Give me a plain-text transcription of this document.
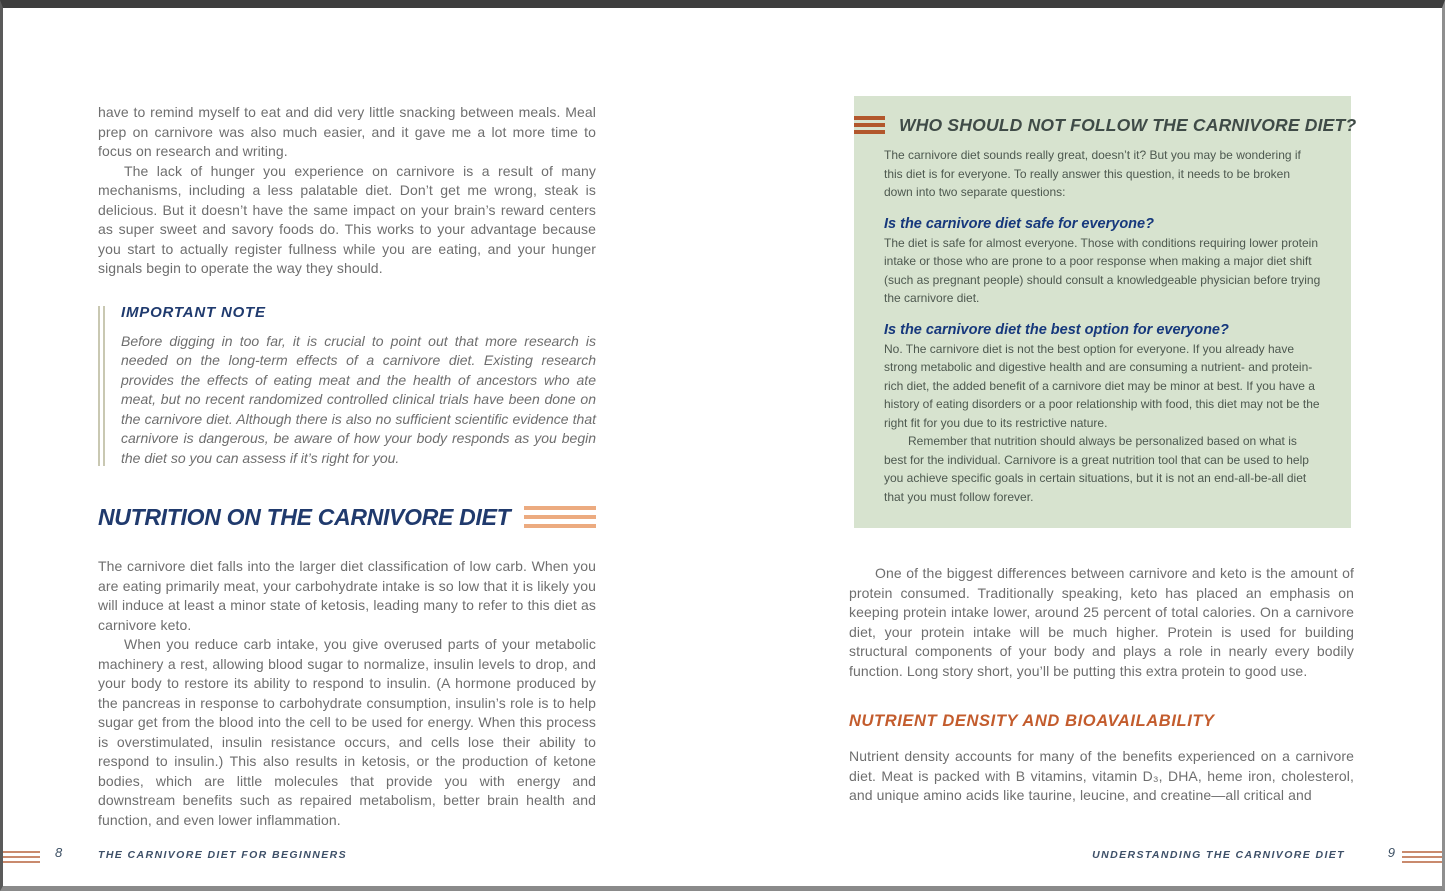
have to remind myself to eat and did very little snacking between meals. Meal prep on carnivore was also much easier, and it gave me a lot more time to focus on research and writing.

The lack of hunger you experience on carnivore is a result of many mechanisms, including a less palatable diet. Don’t get me wrong, steak is delicious. But it doesn’t have the same impact on your brain’s reward centers as super sweet and savory foods do. This works to your advantage because you start to actually register fullness while you are eating, and your hunger signals begin to operate the way they should.

IMPORTANT NOTE

Before digging in too far, it is crucial to point out that more research is needed on the long-term effects of a carnivore diet. Existing research provides the effects of eating meat and the health of ancestors who ate meat, but no recent randomized controlled clinical trials have been done on the carnivore diet. Although there is also no sufficient scientific evidence that carnivore is dangerous, be aware of how your body responds as you begin the diet so you can assess if it’s right for you.

NUTRITION ON THE CARNIVORE DIET

The carnivore diet falls into the larger diet classification of low carb. When you are eating primarily meat, your carbohydrate intake is so low that it is likely you will induce at least a minor state of ketosis, leading many to refer to this diet as carnivore keto.

When you reduce carb intake, you give overused parts of your metabolic machinery a rest, allowing blood sugar to normalize, insulin levels to drop, and your body to restore its ability to respond to insulin. (A hormone produced by the pancreas in response to carbohydrate consumption, insulin’s role is to help sugar get from the blood into the cell to be used for energy. When this process is overstimulated, insulin resistance occurs, and cells lose their ability to respond to insulin.) This also results in ketosis, or the production of ketone bodies, which are little molecules that provide you with energy and downstream benefits such as repaired metabolism, better brain health and function, and even lower inflammation.

8	THE CARNIVORE DIET FOR BEGINNERS
WHO SHOULD NOT FOLLOW THE CARNIVORE DIET?

The carnivore diet sounds really great, doesn’t it? But you may be wondering if this diet is for everyone. To really answer this question, it needs to be broken down into two separate questions:

Is the carnivore diet safe for everyone?

The diet is safe for almost everyone. Those with conditions requiring lower protein intake or those who are prone to a poor response when making a major diet shift (such as pregnant people) should consult a knowledgeable physician before trying the carnivore diet.

Is the carnivore diet the best option for everyone?

No. The carnivore diet is not the best option for everyone. If you already have strong metabolic and digestive health and are consuming a nutrient- and protein-rich diet, the added benefit of a carnivore diet may be minor at best. If you have a history of eating disorders or a poor relationship with food, this diet may not be the right fit for you due to its restrictive nature.

Remember that nutrition should always be personalized based on what is best for the individual. Carnivore is a great nutrition tool that can be used to help you achieve specific goals in certain situations, but it is not an end-all-be-all diet that you must follow forever.

One of the biggest differences between carnivore and keto is the amount of protein consumed. Traditionally speaking, keto has placed an emphasis on keeping protein intake lower, around 25 percent of total calories. On a carnivore diet, your protein intake will be much higher. Protein is used for building structural components of your body and plays a role in nearly every bodily function. Long story short, you’ll be putting this extra protein to good use.

NUTRIENT DENSITY AND BIOAVAILABILITY

Nutrient density accounts for many of the benefits experienced on a carnivore diet. Meat is packed with B vitamins, vitamin D₃, DHA, heme iron, cholesterol, and unique amino acids like taurine, leucine, and creatine—all critical and

UNDERSTANDING THE CARNIVORE DIET	9
